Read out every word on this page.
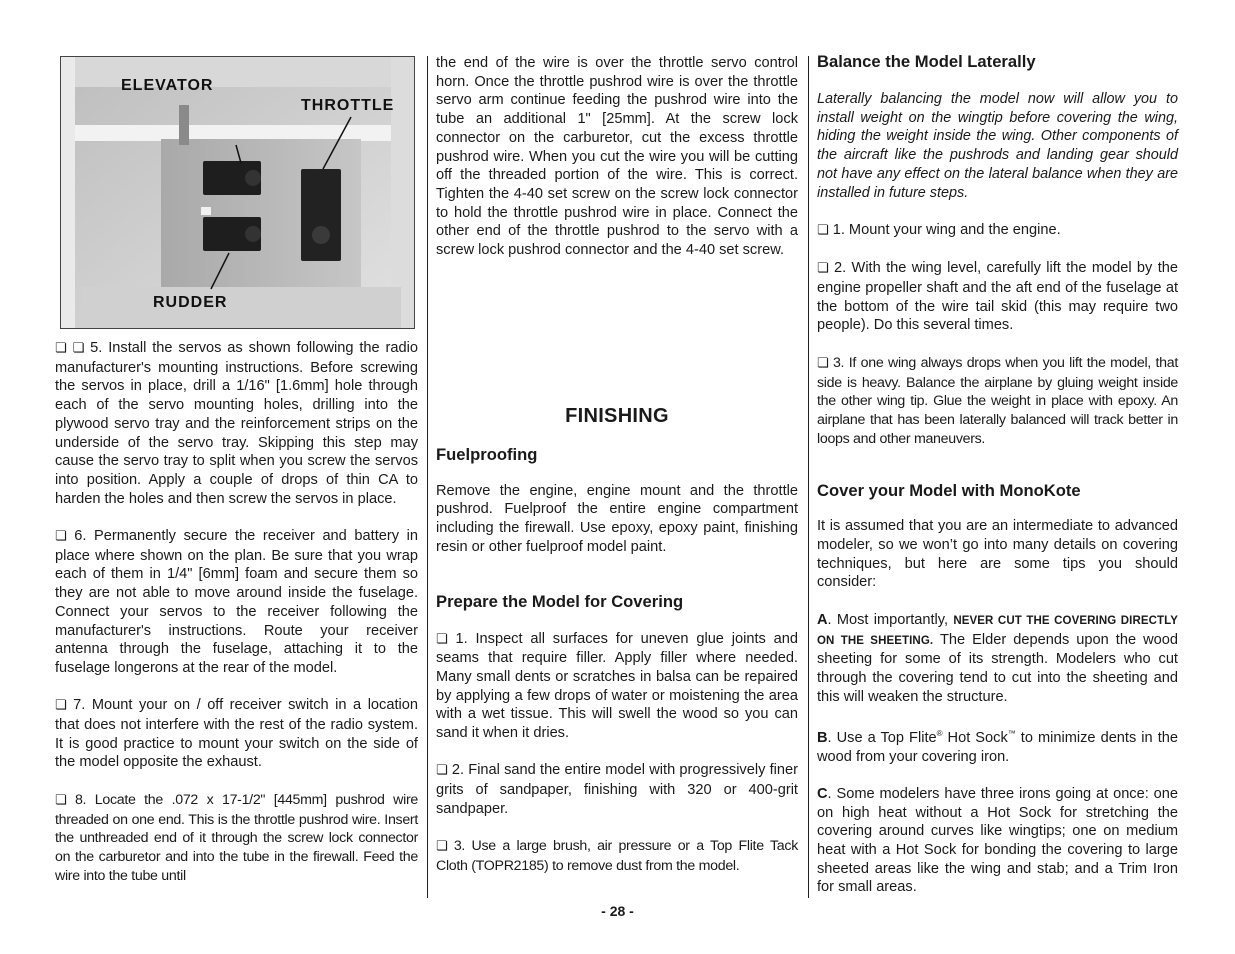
ELEVATOR
THROTTLE
RUDDER

❏ ❏ 5. Install the servos as shown following the radio manufacturer's mounting instructions. Before screwing the servos in place, drill a 1/16" [1.6mm] hole through each of the servo mounting holes, drilling into the plywood servo tray and the reinforcement strips on the underside of the servo tray. Skipping this step may cause the servo tray to split when you screw the servos into position. Apply a couple of drops of thin CA to harden the holes and then screw the servos in place.

❏ 6. Permanently secure the receiver and battery in place where shown on the plan. Be sure that you wrap each of them in 1/4" [6mm] foam and secure them so they are not able to move around inside the fuselage. Connect your servos to the receiver following the manufacturer's instructions. Route your receiver antenna through the fuselage, attaching it to the fuselage longerons at the rear of the model.

❏ 7. Mount your on / off receiver switch in a location that does not interfere with the rest of the radio system. It is good practice to mount your switch on the side of the model opposite the exhaust.

❏ 8. Locate the .072 x 17-1/2" [445mm] pushrod wire threaded on one end. This is the throttle pushrod wire. Insert the unthreaded end of it through the screw lock connector on the carburetor and into the tube in the firewall. Feed the wire into the tube until

the end of the wire is over the throttle servo control horn. Once the throttle pushrod wire is over the throttle servo arm continue feeding the pushrod wire into the tube an additional 1" [25mm]. At the screw lock connector on the carburetor, cut the excess throttle pushrod wire. When you cut the wire you will be cutting off the threaded portion of the wire. This is correct. Tighten the 4-40 set screw on the screw lock connector to hold the throttle pushrod wire in place. Connect the other end of the throttle pushrod to the servo with a screw lock pushrod connector and the 4-40 set screw.

FINISHING
Fuelproofing

Remove the engine, engine mount and the throttle pushrod. Fuelproof the entire engine compartment including the firewall. Use epoxy, epoxy paint, finishing resin or other fuelproof model paint.

Prepare the Model for Covering

❏ 1. Inspect all surfaces for uneven glue joints and seams that require filler. Apply filler where needed. Many small dents or scratches in balsa can be repaired by applying a few drops of water or moistening the area with a wet tissue. This will swell the wood so you can sand it when it dries.

❏ 2. Final sand the entire model with progressively finer grits of sandpaper, finishing with 320 or 400-grit sandpaper.

❏ 3. Use a large brush, air pressure or a Top Flite Tack Cloth (TOPR2185) to remove dust from the model.

Balance the Model Laterally

Laterally balancing the model now will allow you to install weight on the wingtip before covering the wing, hiding the weight inside the wing. Other components of the aircraft like the pushrods and landing gear should not have any effect on the lateral balance when they are installed in future steps.

❏ 1. Mount your wing and the engine.

❏ 2. With the wing level, carefully lift the model by the engine propeller shaft and the aft end of the fuselage at the bottom of the wire tail skid (this may require two people). Do this several times.

❏ 3. If one wing always drops when you lift the model, that side is heavy. Balance the airplane by gluing weight inside the other wing tip. Glue the weight in place with epoxy. An airplane that has been laterally balanced will track better in loops and other maneuvers.

Cover your Model with MonoKote

It is assumed that you are an intermediate to advanced modeler, so we won’t go into many details on covering techniques, but here are some tips you should consider:

A. Most importantly, NEVER CUT THE COVERING DIRECTLY ON THE SHEETING. The Elder depends upon the wood sheeting for some of its strength. Modelers who cut through the covering tend to cut into the sheeting and this will weaken the structure.

B. Use a Top Flite® Hot Sock™ to minimize dents in the wood from your covering iron.

C. Some modelers have three irons going at once: one on high heat without a Hot Sock for stretching the covering around curves like wingtips; one on medium heat with a Hot Sock for bonding the covering to large sheeted areas like the wing and stab; and a Trim Iron for small areas.

- 28 -
